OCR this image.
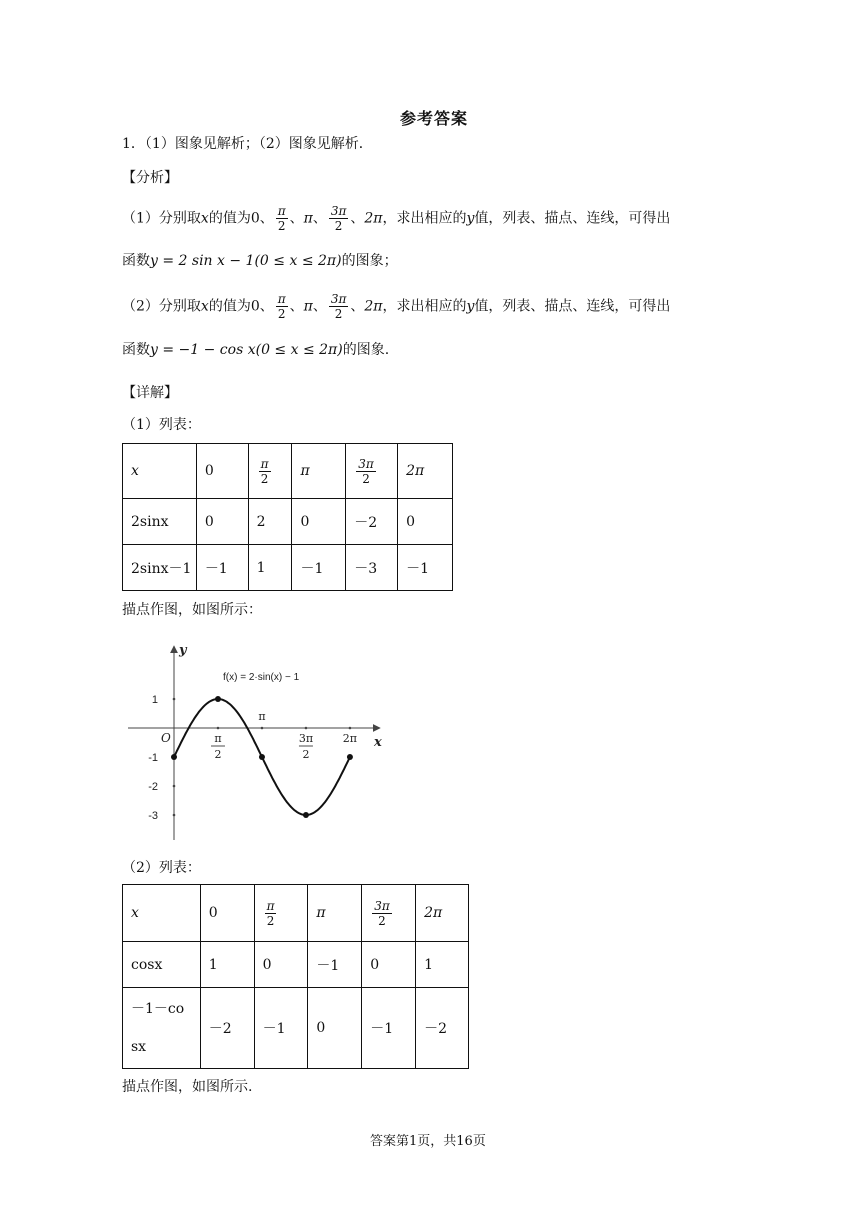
参考答案
1．（1）图象见解析；（2）图象见解析．
【分析】
（1）分别取x的值为0、 $\frac{\pi}{2}$ 、π、 $\frac{3\pi}{2}$ 、2π，求出相应的y值，列表、描点、连线，可得出
函数y = 2 sin x − 1(0 ≤ x ≤ 2π)的图象；
（2）分别取x的值为0、 $\frac{\pi}{2}$ 、π、 $\frac{3\pi}{2}$ 、2π，求出相应的y值，列表、描点、连线，可得出
函数y = −1 − cos x(0 ≤ x ≤ 2π)的图象.
【详解】
（1）列表：
x	0	$\frac{\pi}{2}$	π	$\frac{3\pi}{2}$	2π
2sinx	0	2	0	－2	0
2sinx－1	－1	1	－1	－3	－1
描点作图，如图所示：
π
2
π
3π
2
2π
1
-1
-2
-3
f(x) = 2·sin(x) − 1
x
y
O
（2）列表：
x	0	$\frac{\pi}{2}$	π	$\frac{3\pi}{2}$	2π
cosx	1	0	－1	0	1
－1－cosx	－2	－1	0	－1	－2
描点作图，如图所示.
答案第1页，共16页
